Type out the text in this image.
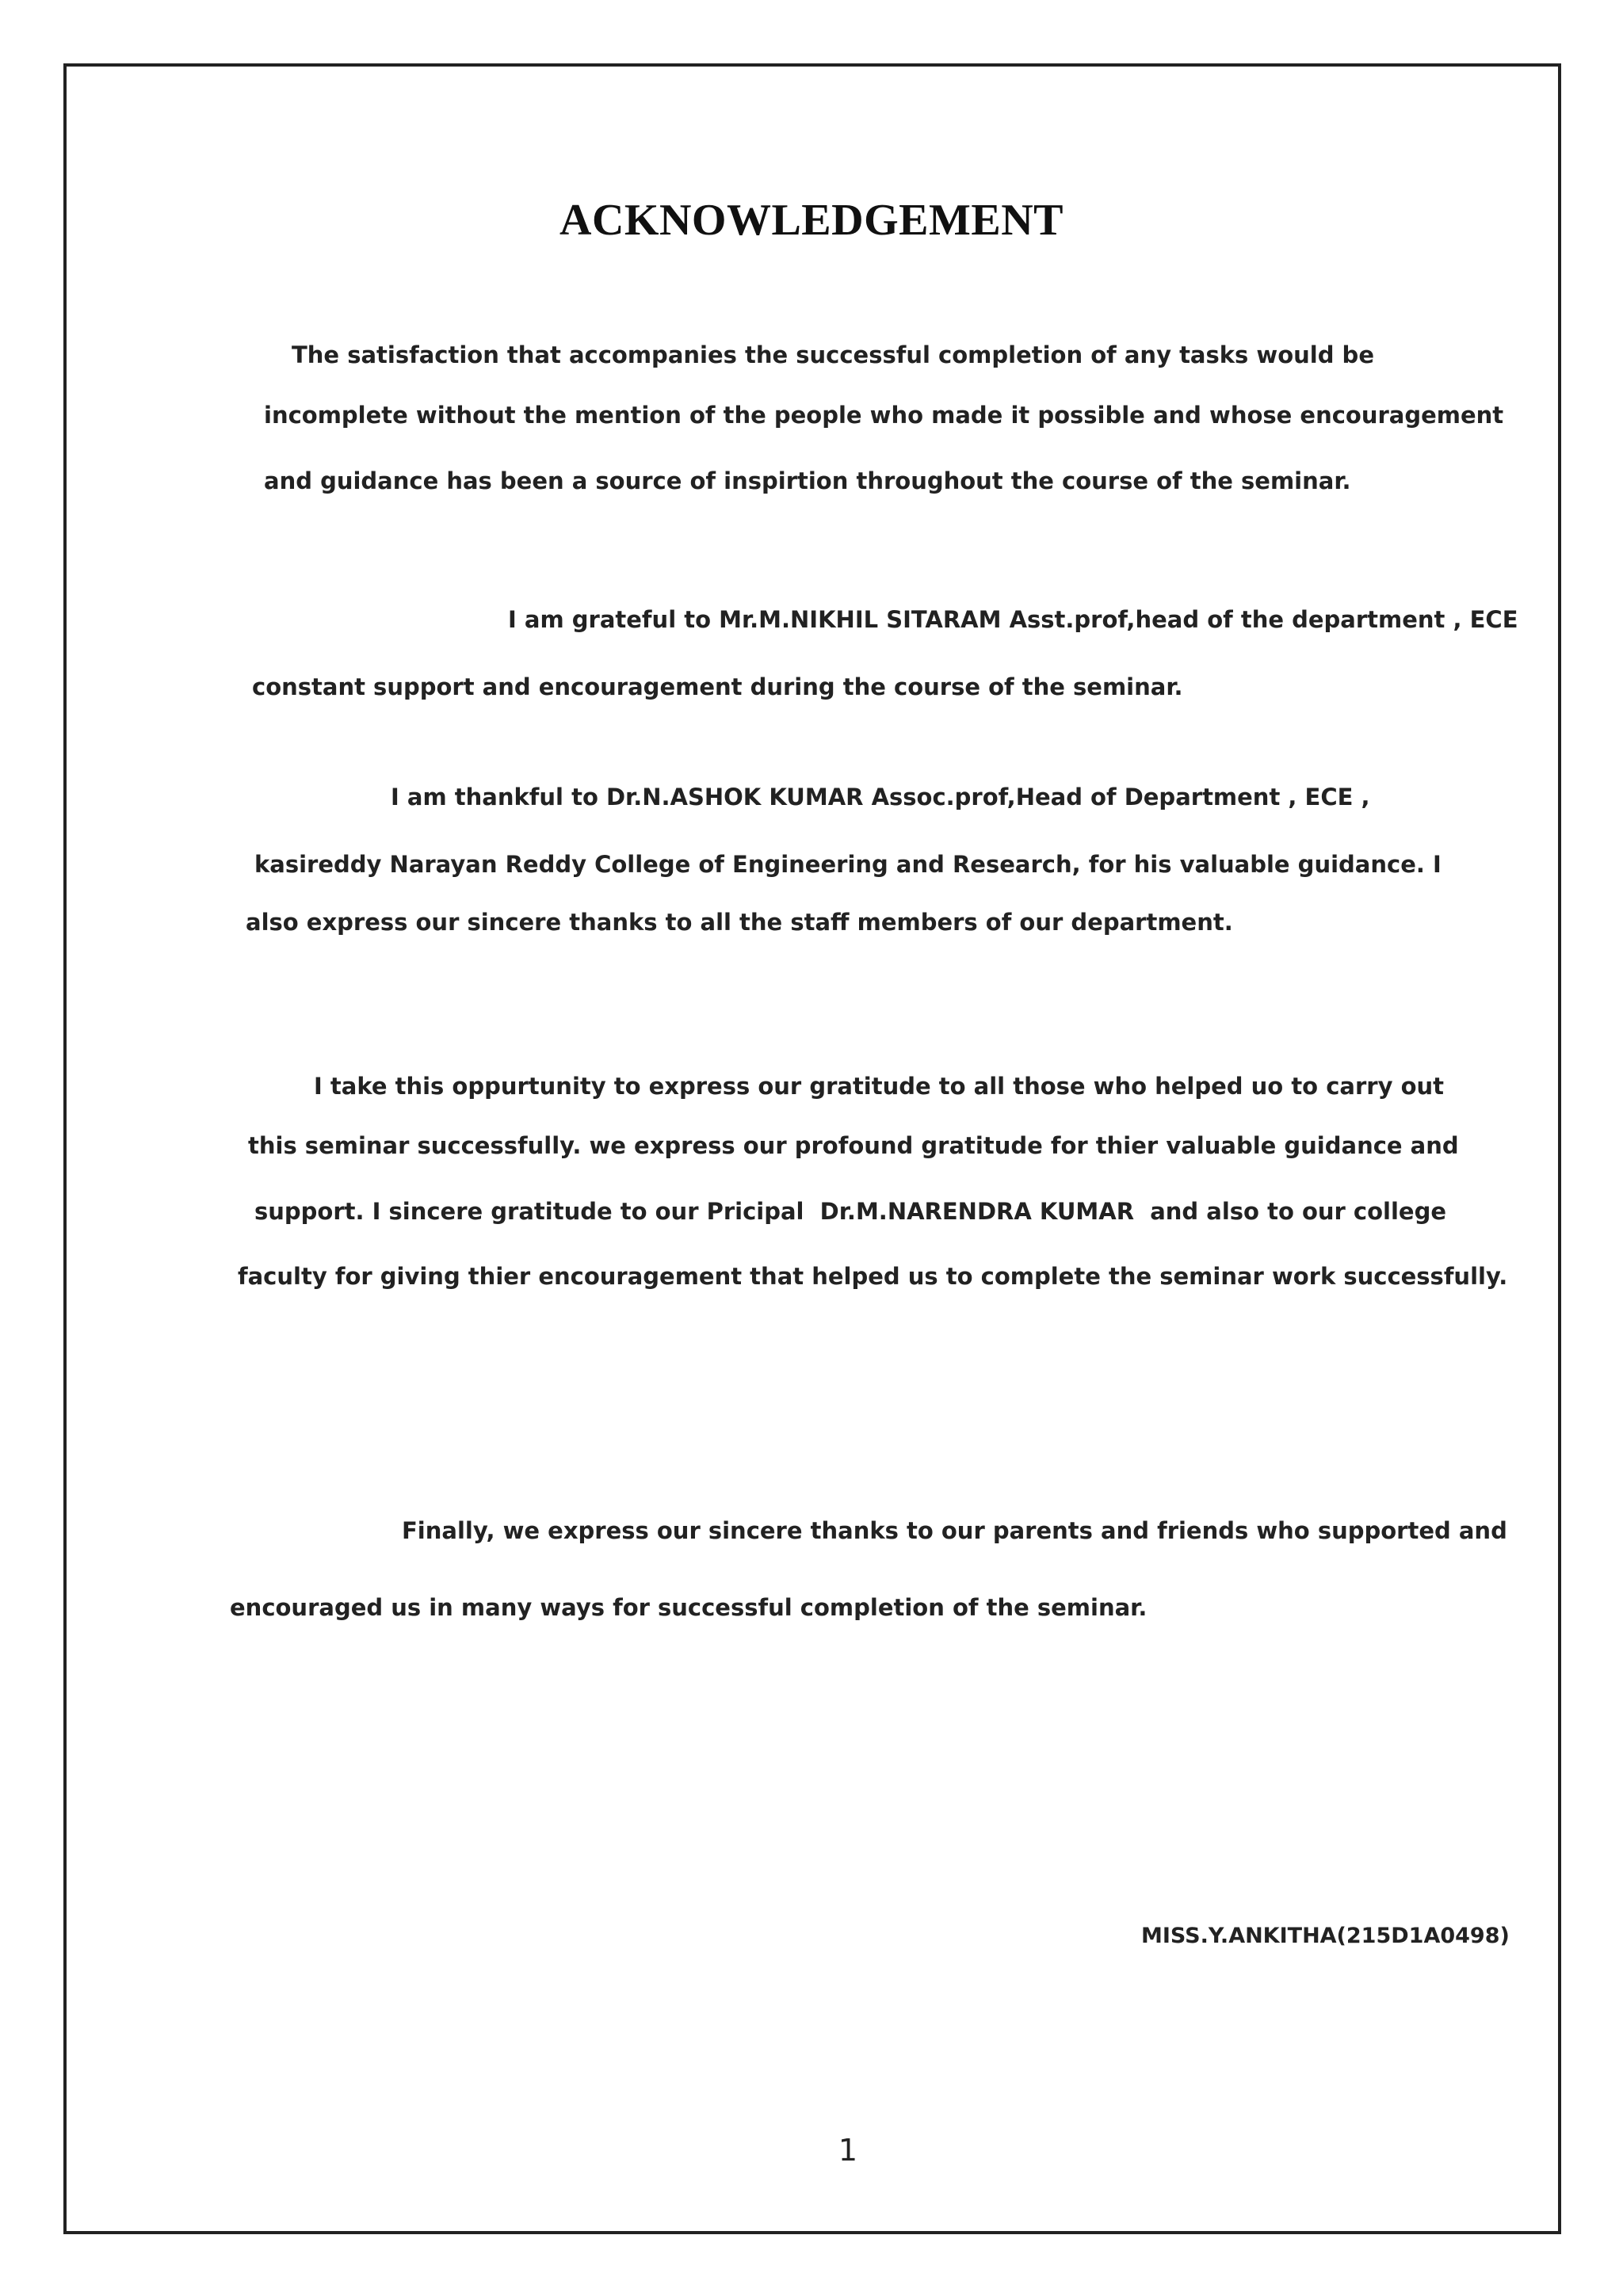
ACKNOWLEDGEMENT

The satisfaction that accompanies the successful completion of any tasks would be

incomplete without the mention of the people who made it possible and whose encouragement

and guidance has been a source of inspirtion throughout the course of the seminar.

I am grateful to Mr.M.NIKHIL SITARAM Asst.prof,head of the department , ECE

constant support and encouragement during the course of the seminar.

I am thankful to Dr.N.ASHOK KUMAR Assoc.prof,Head of Department , ECE ,

kasireddy Narayan Reddy College of Engineering and Research, for his valuable guidance. I

also express our sincere thanks to all the staff members of our department.

I take this oppurtunity to express our gratitude to all those who helped uo to carry out

this seminar successfully. we express our profound gratitude for thier valuable guidance and

support. I sincere gratitude to our Pricipal  Dr.M.NARENDRA KUMAR  and also to our college

faculty for giving thier encouragement that helped us to complete the seminar work successfully.

Finally, we express our sincere thanks to our parents and friends who supported and

encouraged us in many ways for successful completion of the seminar.

MISS.Y.ANKITHA(215D1A0498)

1
